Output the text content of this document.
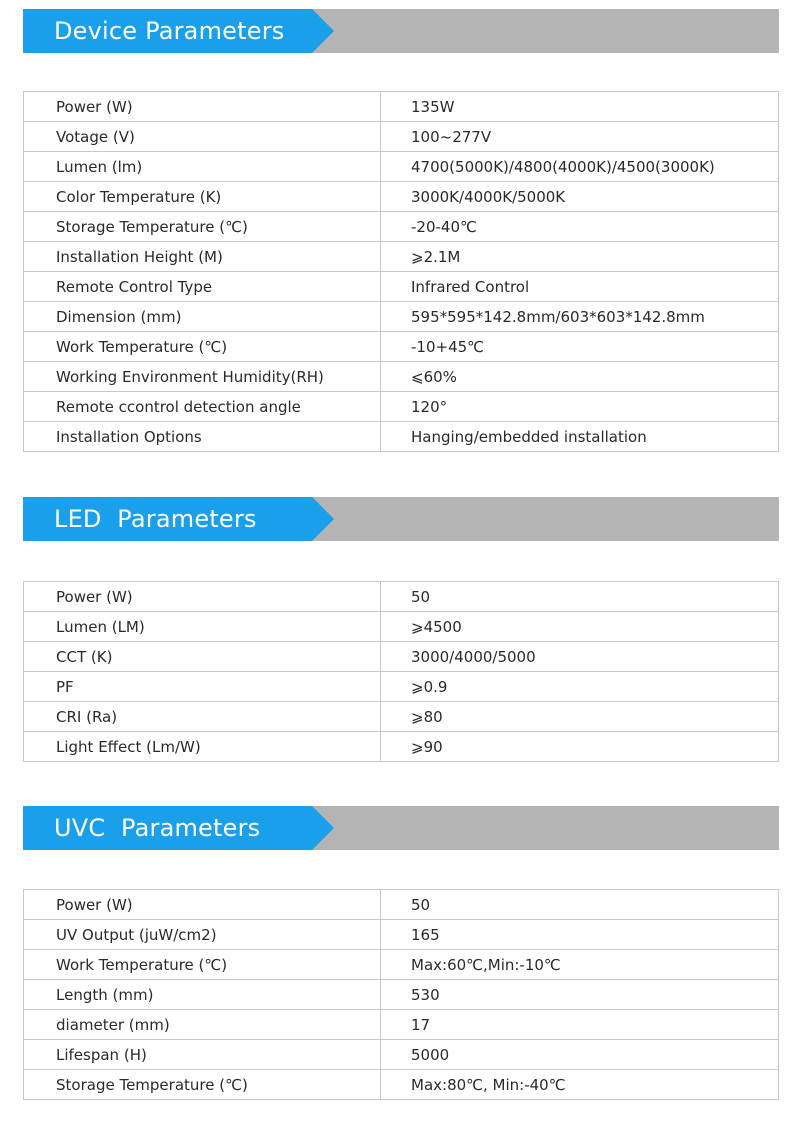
Device Parameters
Power (W)	135W
Votage (V)	100~277V
Lumen (lm)	4700(5000K)/4800(4000K)/4500(3000K)
Color Temperature (K)	3000K/4000K/5000K
Storage Temperature (℃)	-20-40℃
Installation Height (M)	⩾2.1M
Remote Control Type	Infrared Control
Dimension (mm)	595*595*142.8mm/603*603*142.8mm
Work Temperature (℃)	-10+45℃
Working Environment Humidity(RH)	⩽60%
Remote ccontrol detection angle	120°
Installation Options	Hanging/embedded installation
LED  Parameters
Power (W)	50
Lumen (LM)	⩾4500
CCT (K)	3000/4000/5000
PF	⩾0.9
CRI (Ra)	⩾80
Light Effect (Lm/W)	⩾90
UVC  Parameters
Power (W)	50
UV Output (juW/cm2)	165
Work Temperature (℃)	Max:60℃,Min:-10℃
Length (mm)	530
diameter (mm)	17
Lifespan (H)	5000
Storage Temperature (℃)	Max:80℃, Min:-40℃
